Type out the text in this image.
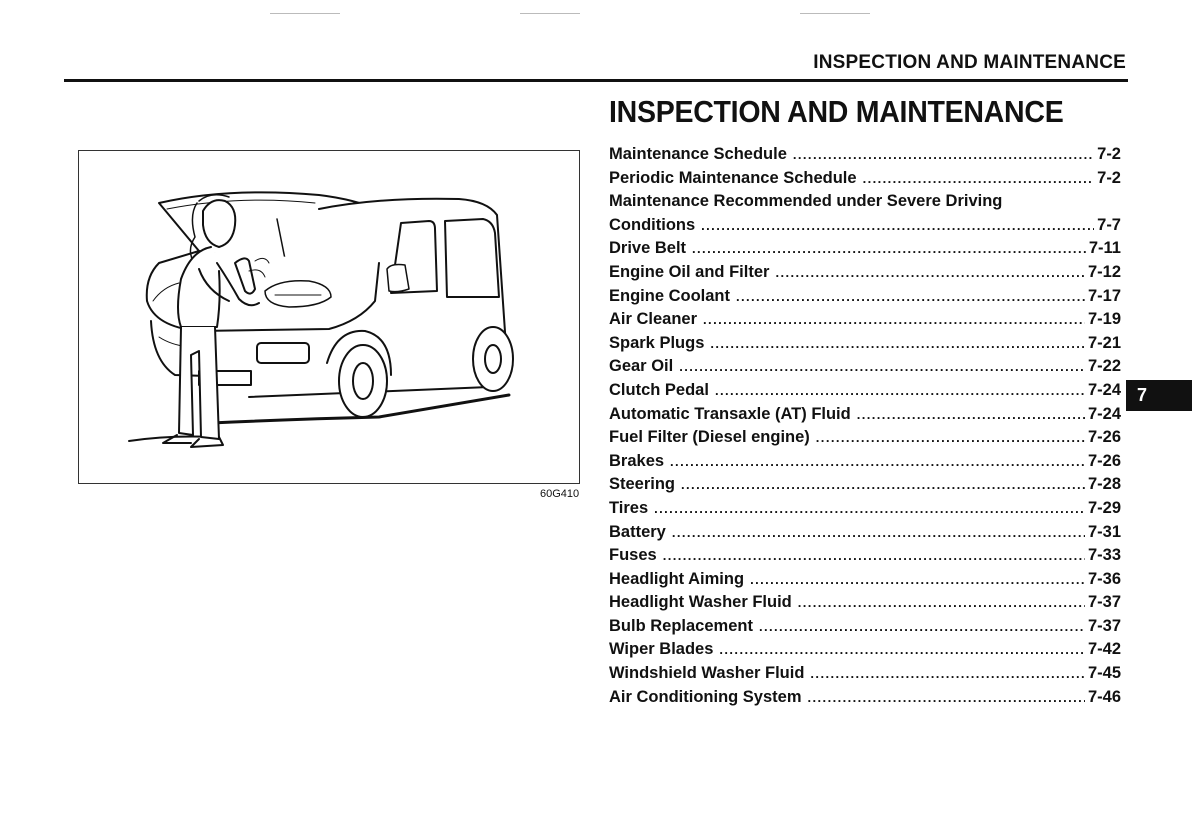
INSPECTION AND MAINTENANCE
INSPECTION AND MAINTENANCE
60G410
Maintenance Schedule .....	7-2
Periodic Maintenance Schedule .....	7-2
Maintenance Recommended under Severe Driving
Conditions .....	7-7
Drive Belt .....	7-11
Engine Oil and Filter .....	7-12
Engine Coolant .....	7-17
Air Cleaner .....	7-19
Spark Plugs .....	7-21
Gear Oil .....	7-22
Clutch Pedal .....	7-24
Automatic Transaxle (AT) Fluid .....	7-24
Fuel Filter (Diesel engine) .....	7-26
Brakes .....	7-26
Steering .....	7-28
Tires .....	7-29
Battery .....	7-31
Fuses .....	7-33
Headlight Aiming .....	7-36
Headlight Washer Fluid .....	7-37
Bulb Replacement .....	7-37
Wiper Blades .....	7-42
Windshield Washer Fluid .....	7-45
Air Conditioning System .....	7-46
7
